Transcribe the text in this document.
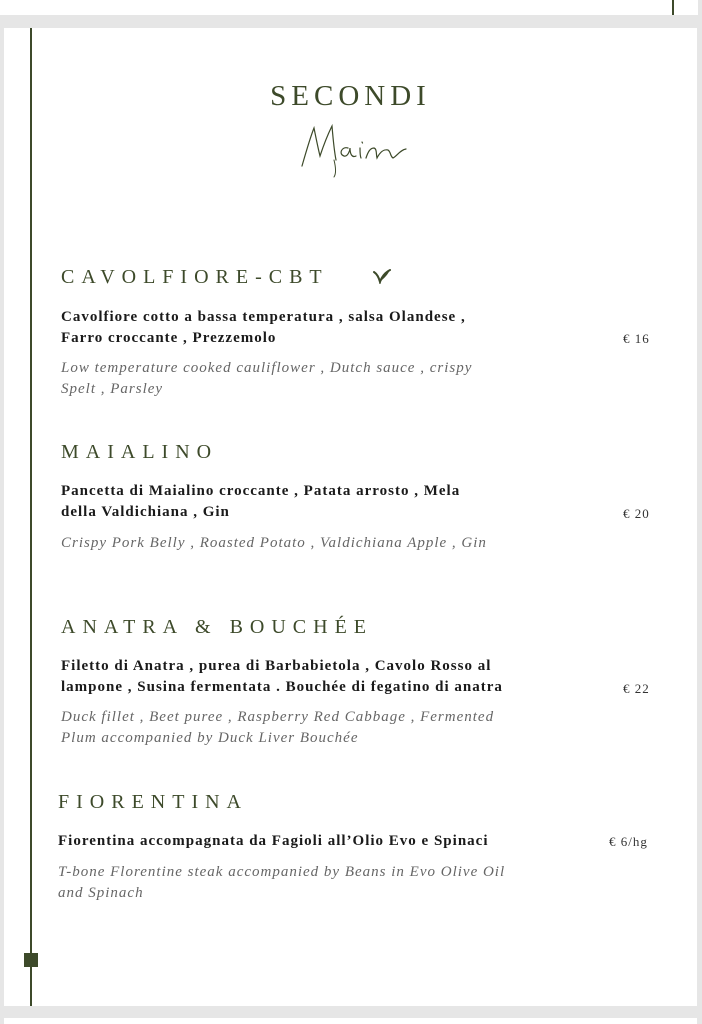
SECONDI
CAVOLFIORE-CBT
Cavolfiore cotto a bassa temperatura , salsa Olandese ,
Farro croccante , Prezzemolo	€ 16
Low temperature cooked cauliflower , Dutch sauce , crispy
Spelt , Parsley
MAIALINO
Pancetta di Maialino croccante , Patata arrosto , Mela
della Valdichiana , Gin	€ 20
Crispy Pork Belly , Roasted Potato , Valdichiana Apple , Gin
ANATRA & BOUCHÉE
Filetto di Anatra , purea di Barbabietola , Cavolo Rosso al
lampone , Susina fermentata . Bouchée di fegatino di anatra	€ 22
Duck fillet , Beet puree , Raspberry Red Cabbage , Fermented
Plum accompanied by Duck Liver Bouchée
FIORENTINA
Fiorentina accompagnata da Fagioli all’Olio Evo e Spinaci	€ 6/hg
T-bone Florentine steak accompanied by Beans in Evo Olive Oil
and Spinach
